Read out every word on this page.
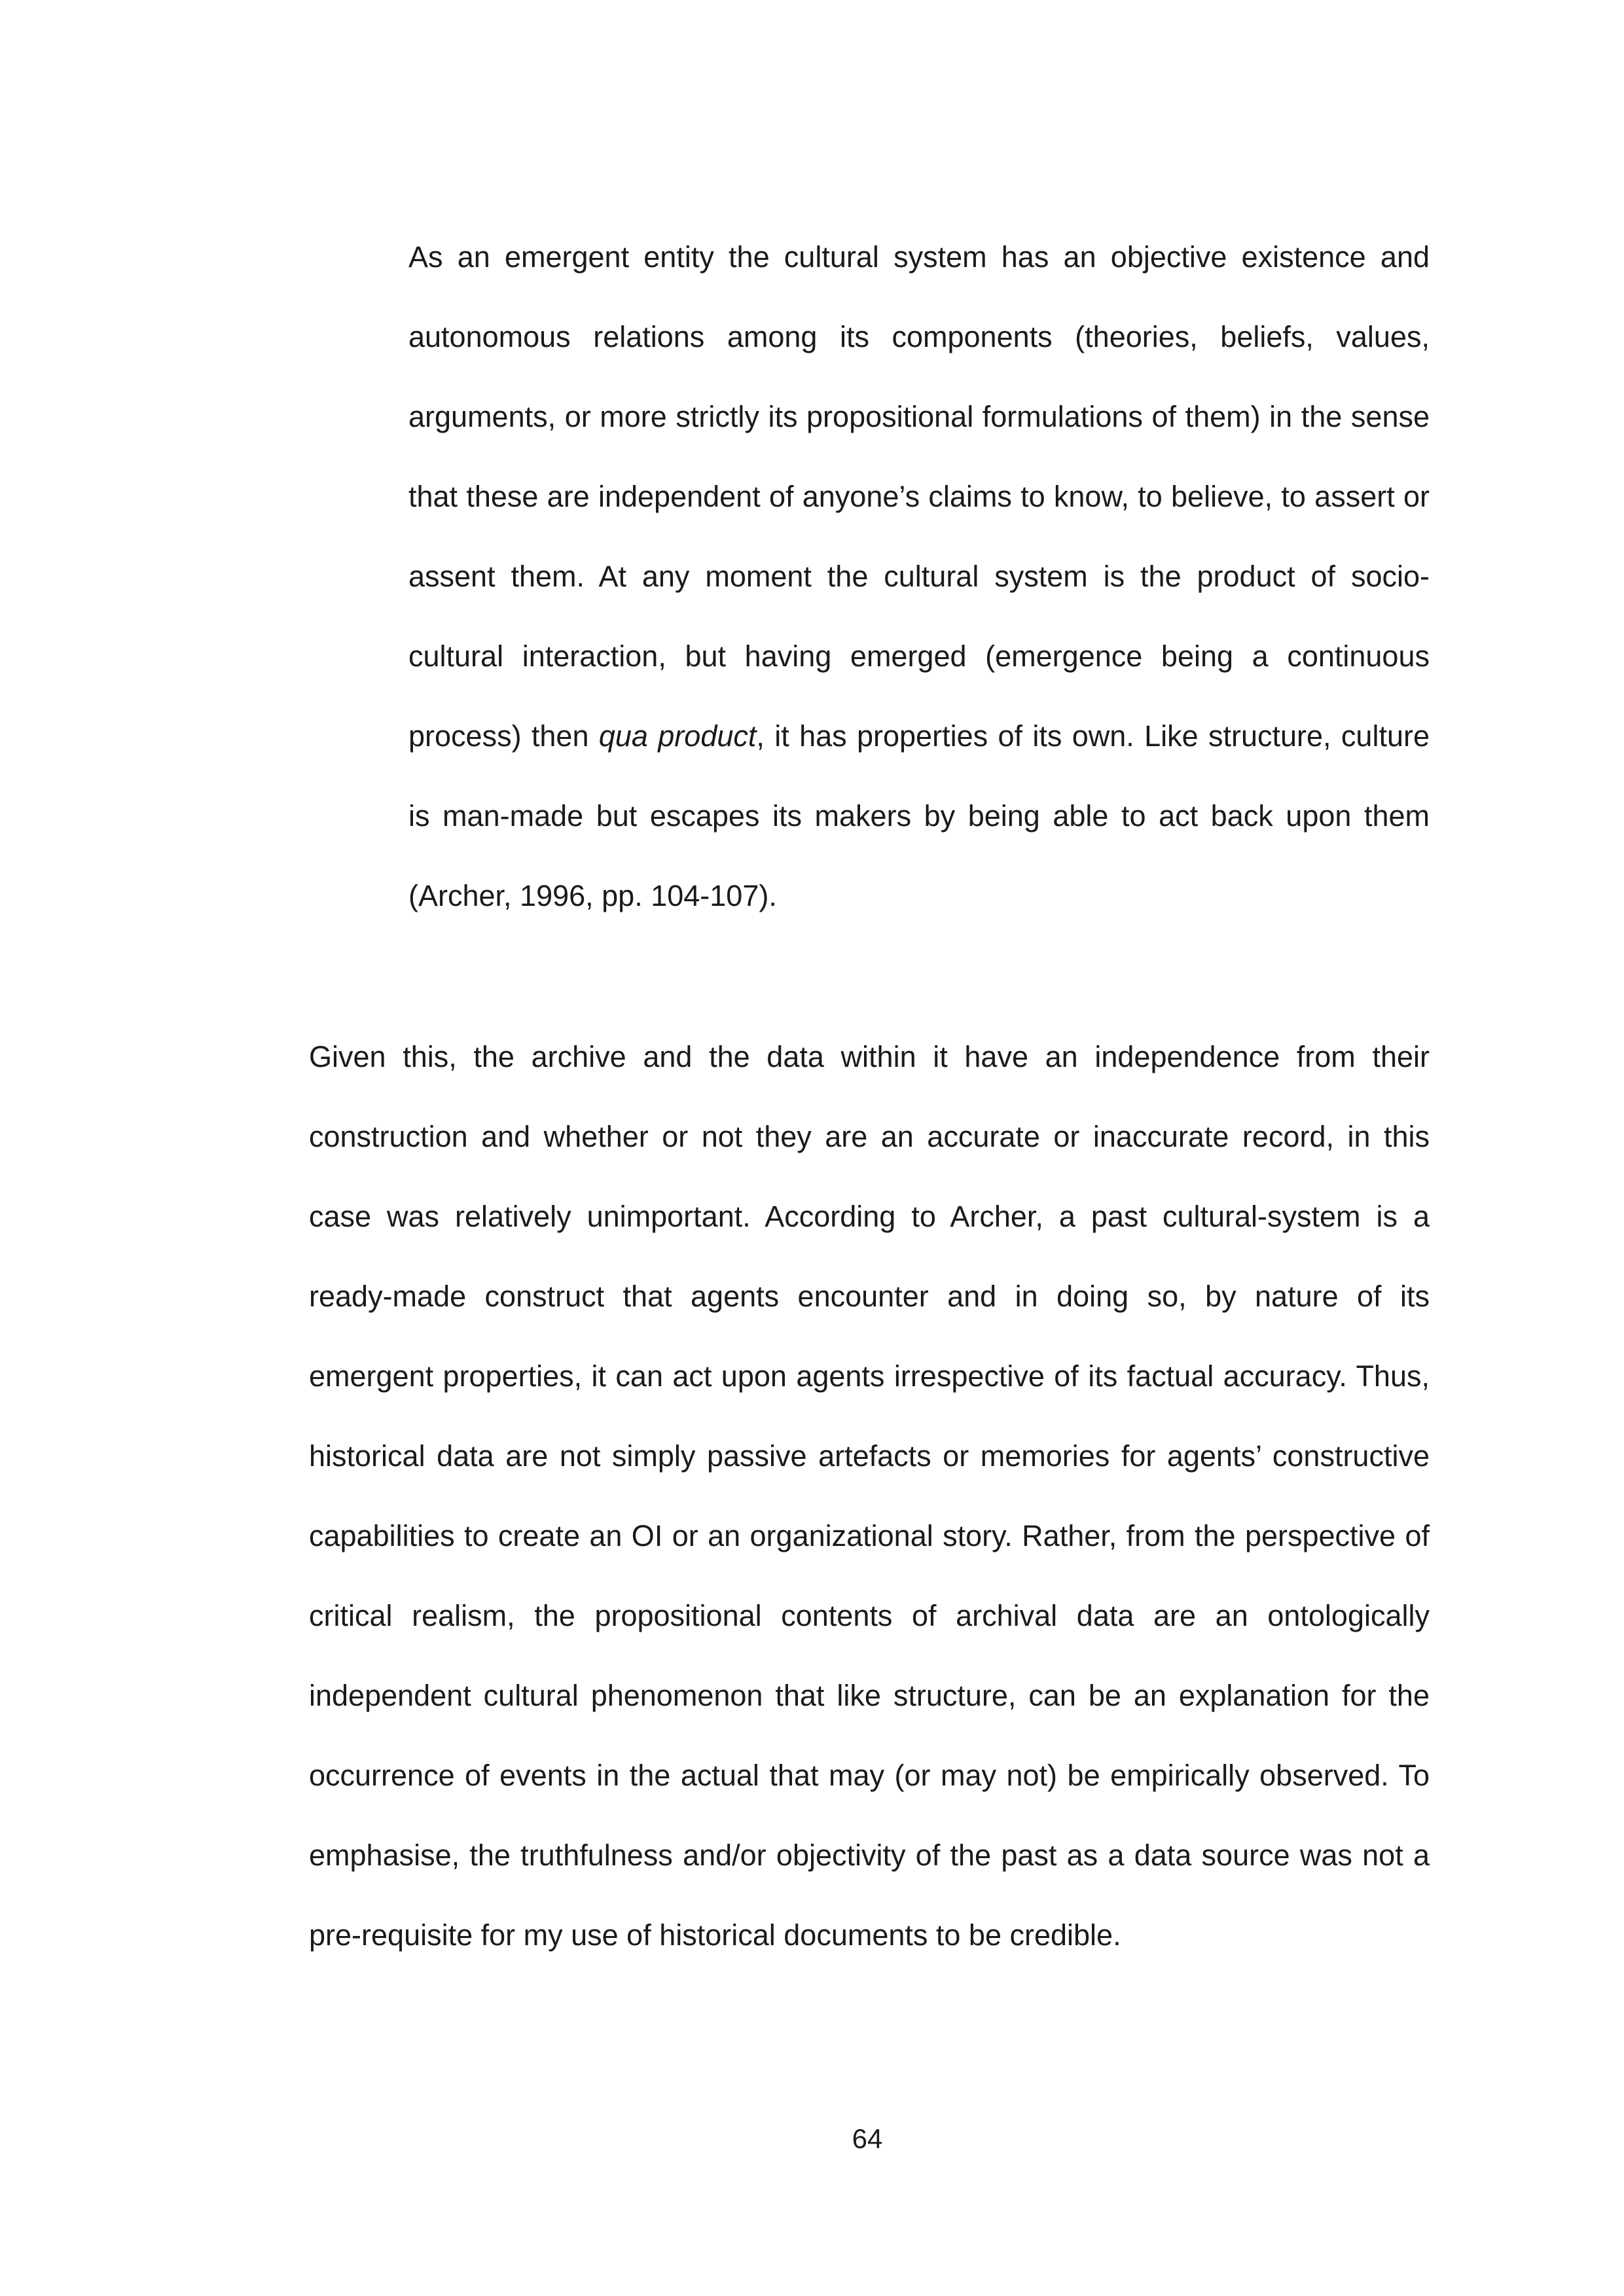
As an emergent entity the cultural system has an objective existence and autonomous relations among its components (theories, beliefs, values, arguments, or more strictly its propositional formulations of them) in the sense that these are independent of anyone’s claims to know, to believe, to assert or assent them. At any moment the cultural system is the product of socio-cultural interaction, but having emerged (emergence being a continuous process) then qua product, it has properties of its own. Like structure, culture is man-made but escapes its makers by being able to act back upon them (Archer, 1996, pp. 104-107).
Given this, the archive and the data within it have an independence from their construction and whether or not they are an accurate or inaccurate record, in this case was relatively unimportant. According to Archer, a past cultural-system is a ready-made construct that agents encounter and in doing so, by nature of its emergent properties, it can act upon agents irrespective of its factual accuracy. Thus, historical data are not simply passive artefacts or memories for agents’ constructive capabilities to create an OI or an organizational story. Rather, from the perspective of critical realism, the propositional contents of archival data are an ontologically independent cultural phenomenon that like structure, can be an explanation for the occurrence of events in the actual that may (or may not) be empirically observed. To emphasise, the truthfulness and/or objectivity of the past as a data source was not a pre-requisite for my use of historical documents to be credible.
64
